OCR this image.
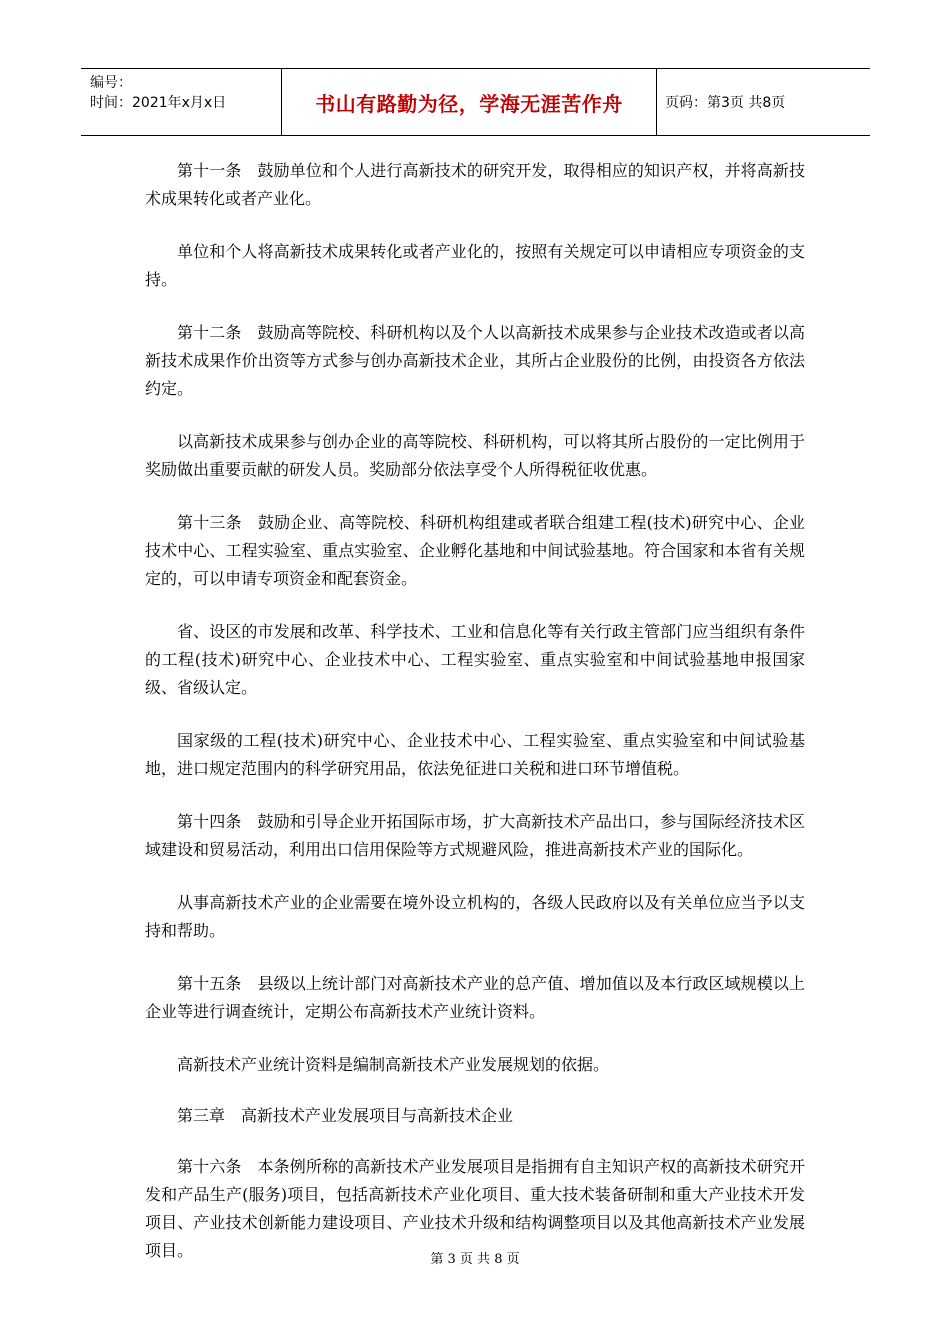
编号：
时间：2021年x月x日	书山有路勤为径，学海无涯苦作舟	页码：第3页 共8页

第十一条　鼓励单位和个人进行高新技术的研究开发，取得相应的知识产权，并将高新技术成果转化或者产业化。

单位和个人将高新技术成果转化或者产业化的，按照有关规定可以申请相应专项资金的支持。

第十二条　鼓励高等院校、科研机构以及个人以高新技术成果参与企业技术改造或者以高新技术成果作价出资等方式参与创办高新技术企业，其所占企业股份的比例，由投资各方依法约定。

以高新技术成果参与创办企业的高等院校、科研机构，可以将其所占股份的一定比例用于奖励做出重要贡献的研发人员。奖励部分依法享受个人所得税征收优惠。

第十三条　鼓励企业、高等院校、科研机构组建或者联合组建工程(技术)研究中心、企业技术中心、工程实验室、重点实验室、企业孵化基地和中间试验基地。符合国家和本省有关规定的，可以申请专项资金和配套资金。

省、设区的市发展和改革、科学技术、工业和信息化等有关行政主管部门应当组织有条件的工程(技术)研究中心、企业技术中心、工程实验室、重点实验室和中间试验基地申报国家级、省级认定。

国家级的工程(技术)研究中心、企业技术中心、工程实验室、重点实验室和中间试验基地，进口规定范围内的科学研究用品，依法免征进口关税和进口环节增值税。

第十四条　鼓励和引导企业开拓国际市场，扩大高新技术产品出口，参与国际经济技术区域建设和贸易活动，利用出口信用保险等方式规避风险，推进高新技术产业的国际化。

从事高新技术产业的企业需要在境外设立机构的，各级人民政府以及有关单位应当予以支持和帮助。

第十五条　县级以上统计部门对高新技术产业的总产值、增加值以及本行政区域规模以上企业等进行调查统计，定期公布高新技术产业统计资料。

高新技术产业统计资料是编制高新技术产业发展规划的依据。

第三章　高新技术产业发展项目与高新技术企业

第十六条　本条例所称的高新技术产业发展项目是指拥有自主知识产权的高新技术研究开发和产品生产(服务)项目，包括高新技术产业化项目、重大技术装备研制和重大产业技术开发项目、产业技术创新能力建设项目、产业技术升级和结构调整项目以及其他高新技术产业发展项目。	第 3 页 共 8 页
